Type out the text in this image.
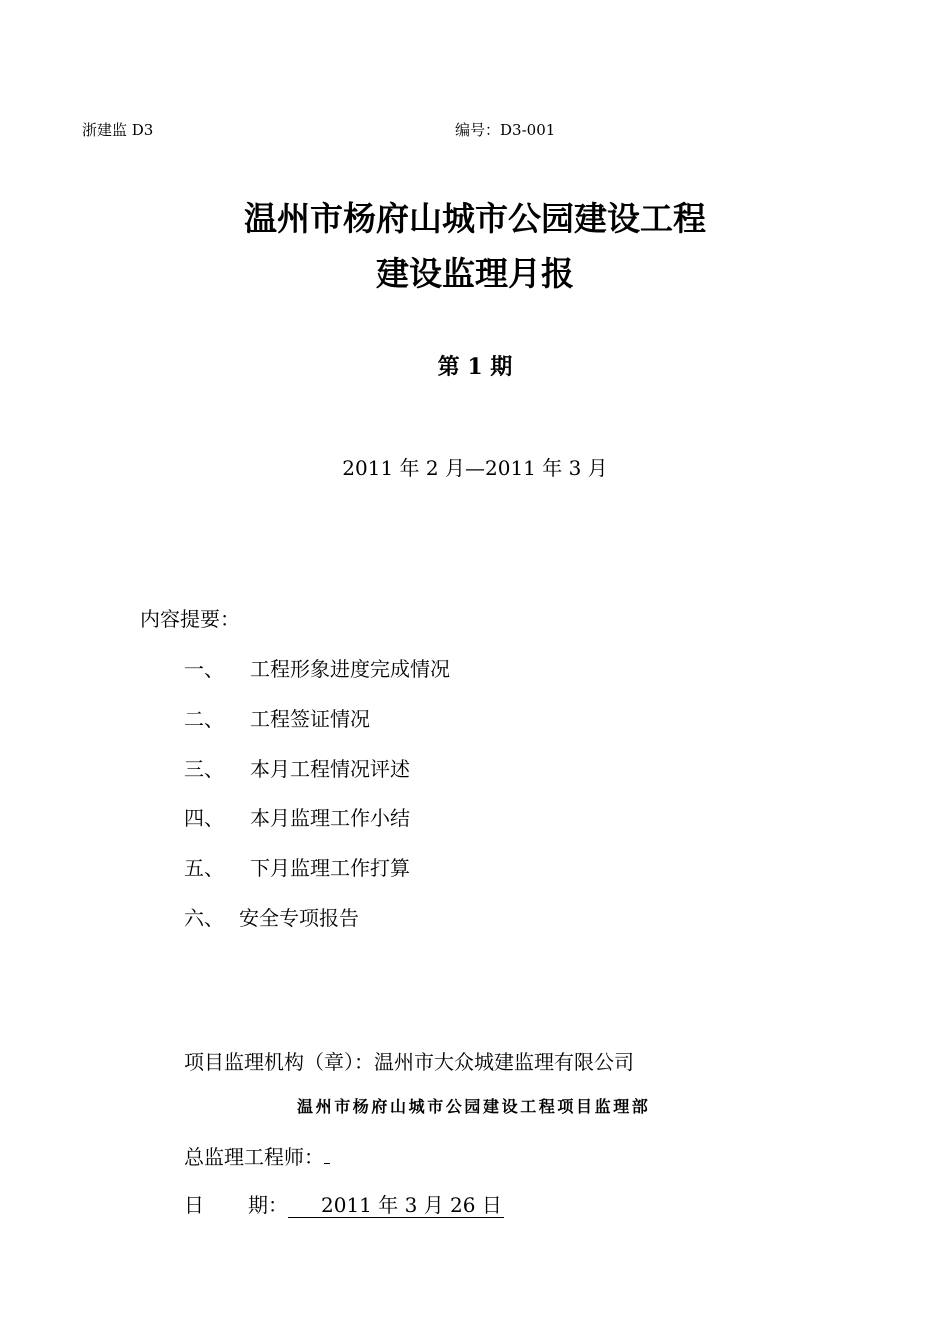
浙建监 D3	编号：D3-001
温州市杨府山城市公园建设工程
建设监理月报
第 1 期
2011 年 2 月—2011 年 3 月
内容提要：
一、 工程形象进度完成情况
二、 工程签证情况
三、 本月工程情况评述
四、 本月监理工作小结
五、 下月监理工作打算
六、 安全专项报告
项目监理机构（章）：温州市大众城建监理有限公司
温州市杨府山城市公园建设工程项目监理部
总监理工程师：
日 期： 2011 年 3 月 26 日
